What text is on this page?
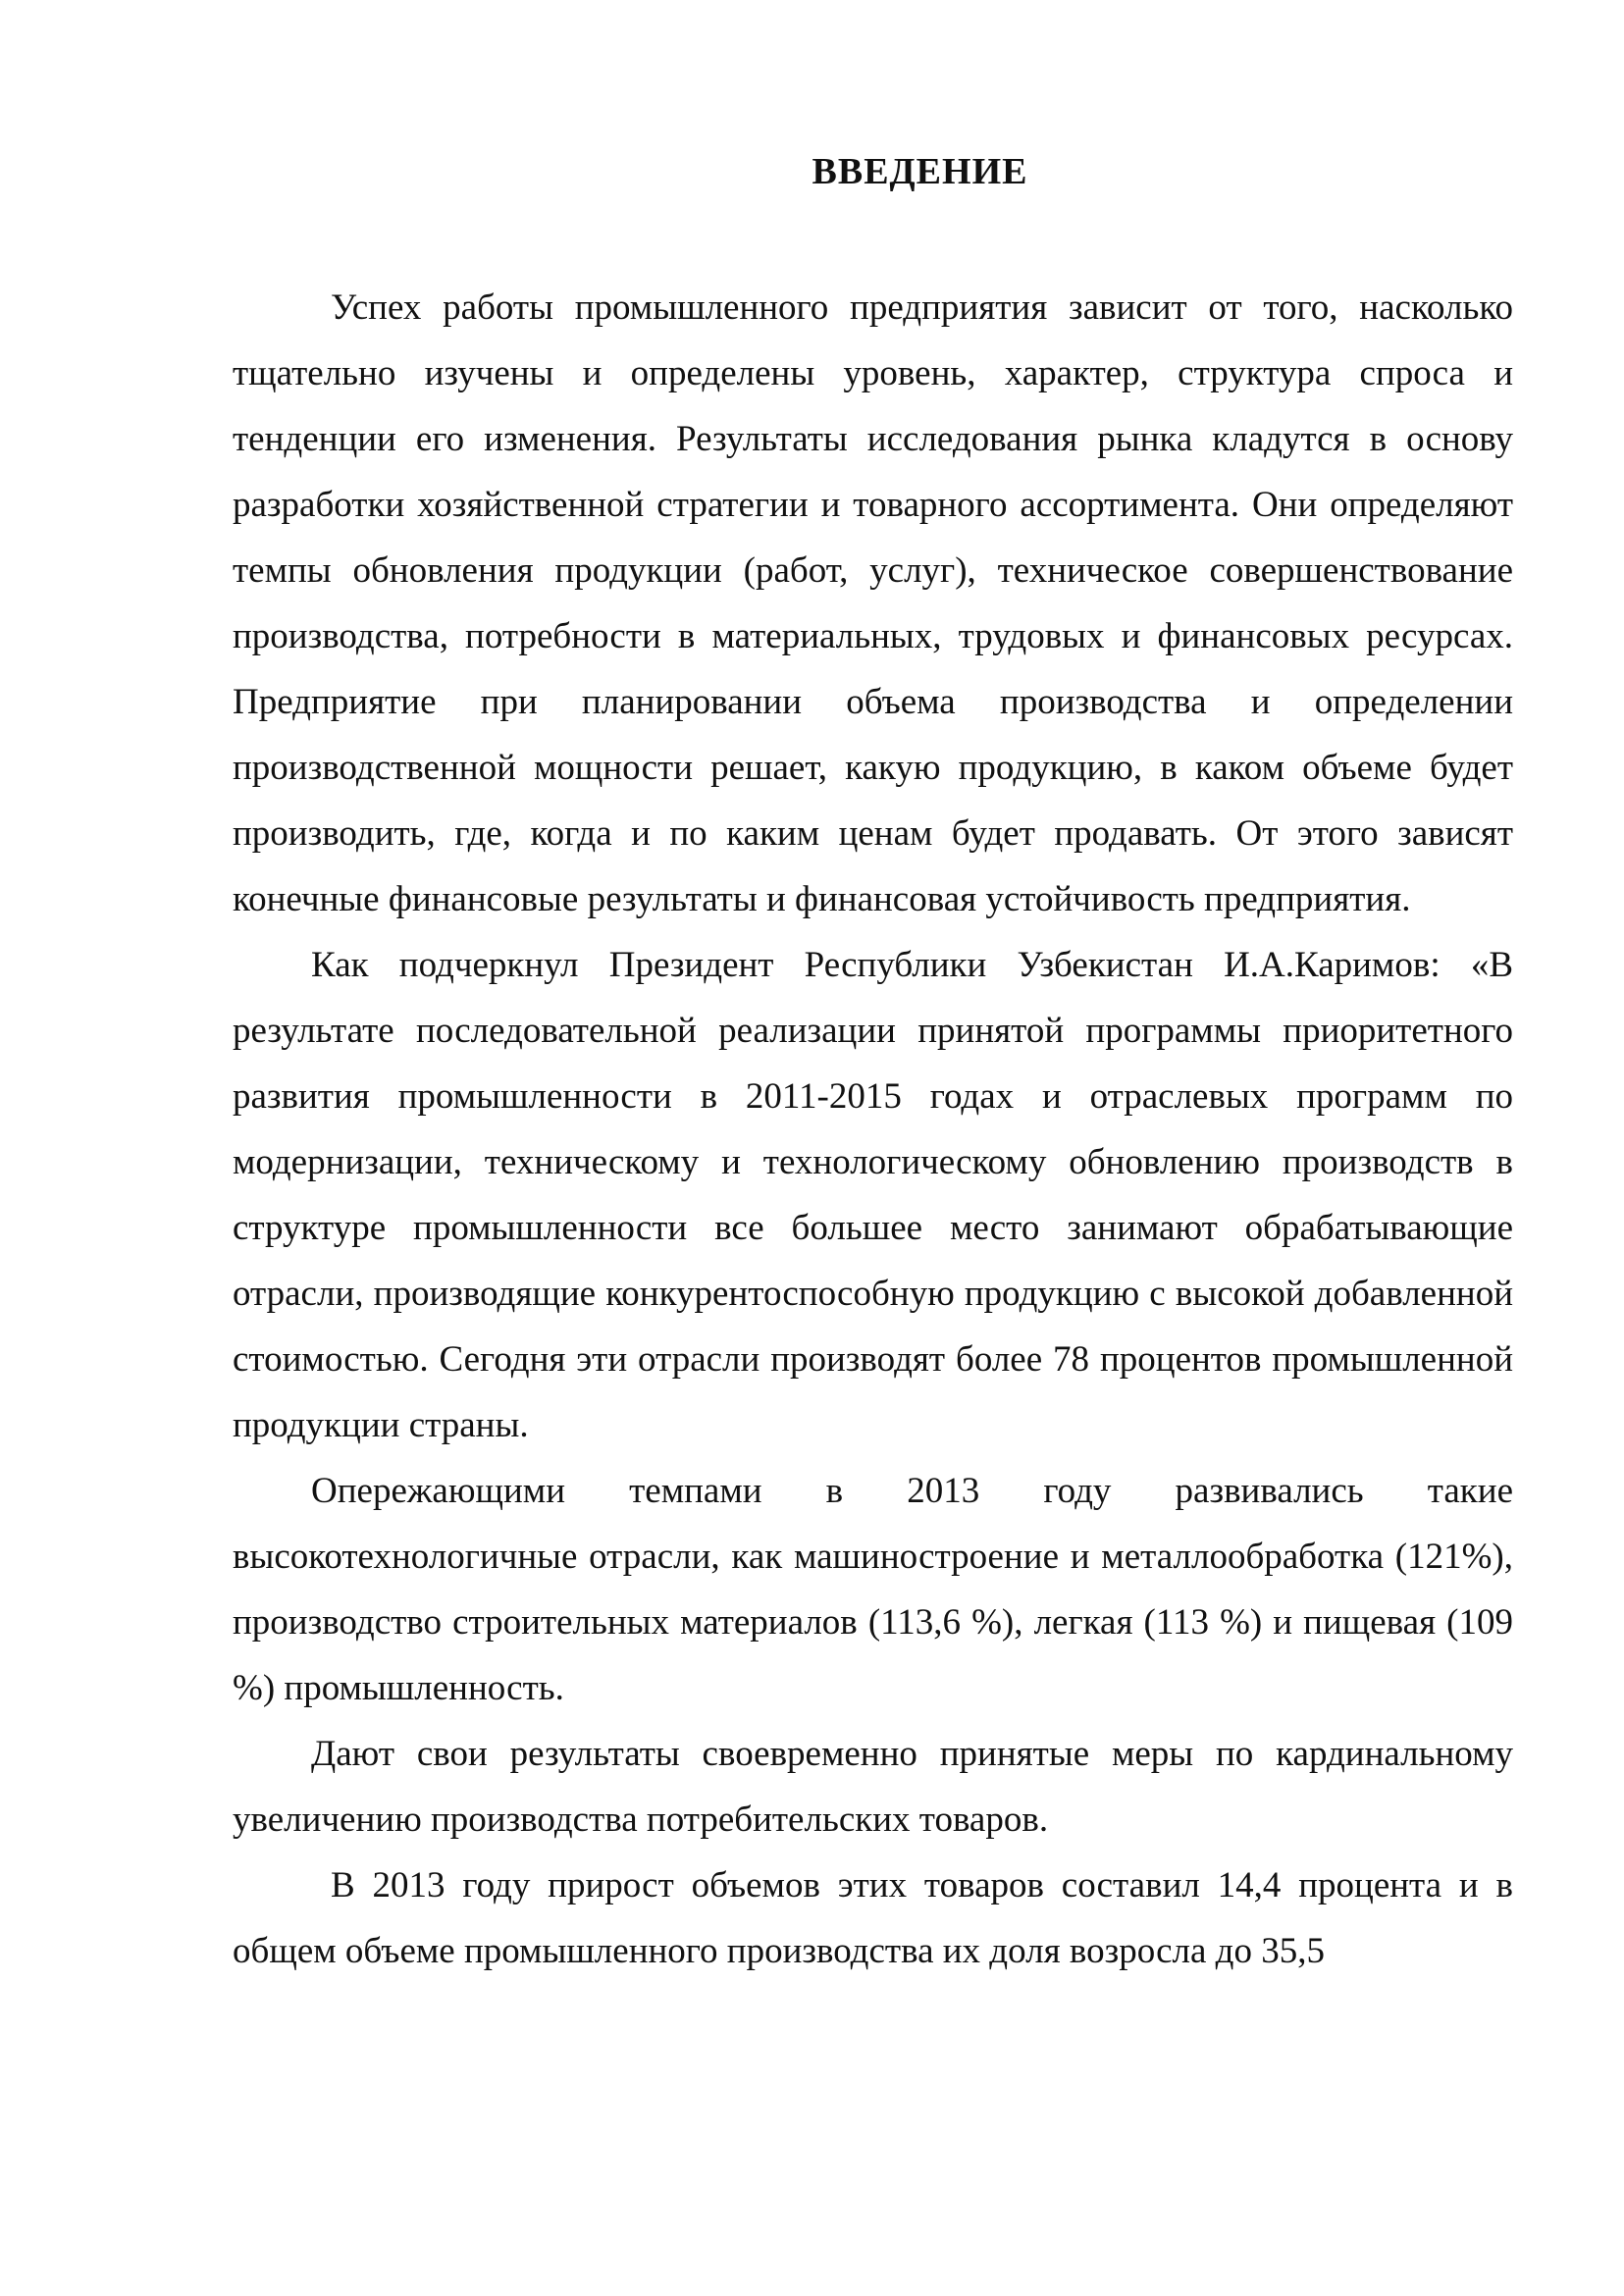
ВВЕДЕНИЕ

Успех работы промышленного предприятия зависит от того, насколько тщательно изучены и определены уровень, характер, структура спроса и тенденции его изменения. Результаты исследования рынка кладутся в основу разработки хозяйственной стратегии и товарного ассортимента. Они определяют темпы обновления продукции (работ, услуг), техническое совершенствование производства, потребности в материальных, трудовых и финансовых ресурсах. Предприятие при планировании объема производства и определении производственной мощности решает, какую продукцию, в каком объеме будет производить, где, когда и по каким ценам будет продавать. От этого зависят конечные финансовые результаты и финансовая устойчивость предприятия.

Как подчеркнул Президент Республики Узбекистан И.А.Каримов: «В результате последовательной реализации принятой программы приоритетного развития промышленности в 2011-2015 годах и отраслевых программ по модернизации, техническому и технологическому обновлению производств в структуре промышленности все большее место занимают обрабатывающие отрасли, производящие конкурентоспособную продукцию с высокой добавленной стоимостью. Сегодня эти отрасли производят более 78 процентов промышленной продукции страны.

Опережающими темпами в 2013 году развивались такие высокотехнологичные отрасли, как машиностроение и металлообработка (121%), производство строительных материалов (113,6 %), легкая (113 %) и пищевая (109 %) промышленность.

Дают свои результаты своевременно принятые меры по кардинальному увеличению производства потребительских товаров.

В 2013 году прирост объемов этих товаров составил 14,4 процента и в общем объеме промышленного производства их доля возросла до 35,5
